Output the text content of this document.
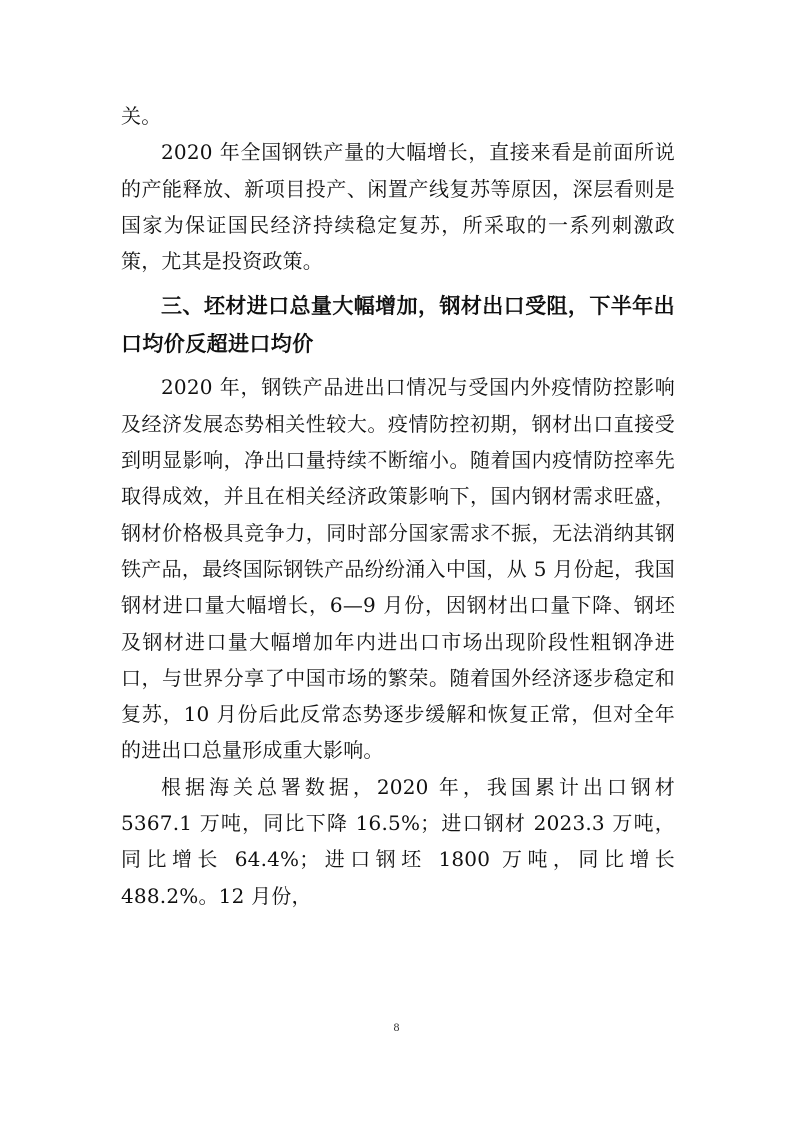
关。

2020 年全国钢铁产量的大幅增长，直接来看是前面所说的产能释放、新项目投产、闲置产线复苏等原因，深层看则是国家为保证国民经济持续稳定复苏，所采取的一系列刺激政策，尤其是投资政策。

三、坯材进口总量大幅增加，钢材出口受阻，下半年出口均价反超进口均价

2020 年，钢铁产品进出口情况与受国内外疫情防控影响及经济发展态势相关性较大。疫情防控初期，钢材出口直接受到明显影响，净出口量持续不断缩小。随着国内疫情防控率先取得成效，并且在相关经济政策影响下，国内钢材需求旺盛，钢材价格极具竞争力，同时部分国家需求不振，无法消纳其钢铁产品，最终国际钢铁产品纷纷涌入中国，从 5 月份起，我国钢材进口量大幅增长，6—9 月份，因钢材出口量下降、钢坯及钢材进口量大幅增加年内进出口市场出现阶段性粗钢净进口，与世界分享了中国市场的繁荣。随着国外经济逐步稳定和复苏，10 月份后此反常态势逐步缓解和恢复正常，但对全年的进出口总量形成重大影响。

根据海关总署数据，2020 年，我国累计出口钢材 5367.1 万吨，同比下降 16.5%；进口钢材 2023.3 万吨，同比增长 64.4%；进口钢坯 1800 万吨，同比增长 488.2%。12 月份，

8
